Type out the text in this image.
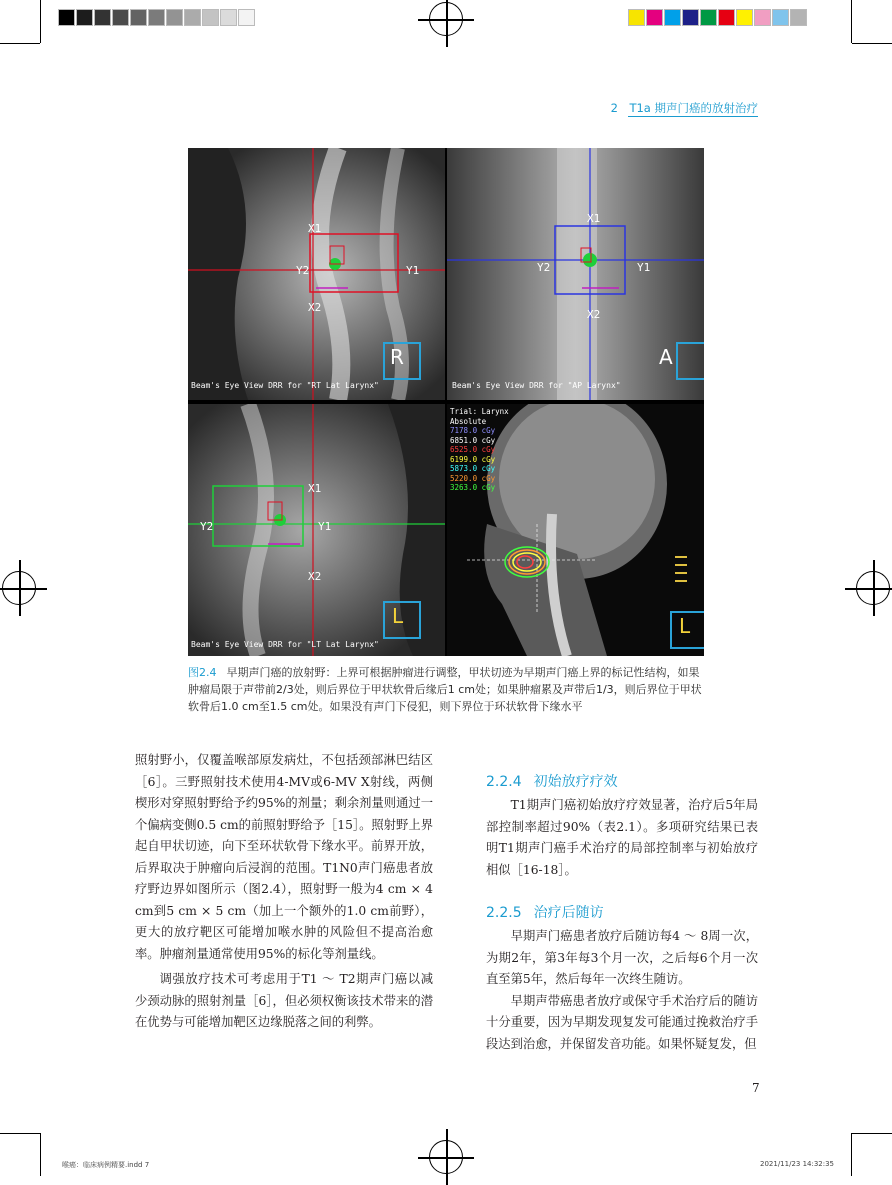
2　T1a 期声门癌的放射治疗
X1
Y2	Y1
X2
R
Beam's Eye View DRR for "RT Lat Larynx"
X1
Y2	Y1
X2
A
Beam's Eye View DRR for "AP Larynx"
X1
Y2	Y1
X2
L
Beam's Eye View DRR for "LT Lat Larynx"
Trial: Larynx
Absolute
7178.0 cGy
6851.0 cGy
6525.0 cGy
6199.0 cGy
5873.0 cGy
5220.0 cGy
3263.0 cGy
L
图2.4 早期声门癌的放射野：上界可根据肿瘤进行调整，甲状切迹为早期声门癌上界的标记性结构，如果肿瘤局限于声带前2/3处，则后界位于甲状软骨后缘后1 cm处；如果肿瘤累及声带后1/3，则后界位于甲状软骨后1.0 cm至1.5 cm处。如果没有声门下侵犯，则下界位于环状软骨下缘水平

照射野小，仅覆盖喉部原发病灶，不包括颈部淋巴结区［6］。三野照射技术使用4-MV或6-MV X射线，两侧楔形对穿照射野给予约95%的剂量；剩余剂量则通过一个偏病变侧0.5 cm的前照射野给予［15］。照射野上界起自甲状切迹，向下至环状软骨下缘水平。前界开放，后界取决于肿瘤向后浸润的范围。T1N0声门癌患者放疗野边界如图所示（图2.4），照射野一般为4 cm × 4 cm到5 cm × 5 cm（加上一个额外的1.0 cm前野），更大的放疗靶区可能增加喉水肿的风险但不提高治愈率。肿瘤剂量通常使用95%的标化等剂量线。

调强放疗技术可考虑用于T1 ～ T2期声门癌以减少颈动脉的照射剂量［6］，但必须权衡该技术带来的潜在优势与可能增加靶区边缘脱落之间的利弊。

2.2.4 初始放疗疗效

T1期声门癌初始放疗疗效显著，治疗后5年局部控制率超过90%（表2.1）。多项研究结果已表明T1期声门癌手术治疗的局部控制率与初始放疗相似［16-18］。

2.2.5 治疗后随访

早期声门癌患者放疗后随访每4 ～ 8周一次，为期2年，第3年每3个月一次，之后每6个月一次直至第5年，然后每年一次终生随访。

早期声带癌患者放疗或保守手术治疗后的随访十分重要，因为早期发现复发可能通过挽救治疗手段达到治愈，并保留发音功能。如果怀疑复发，但

7
喉癌：临床病例精要.indd 7	2021/11/23 14:32:35
